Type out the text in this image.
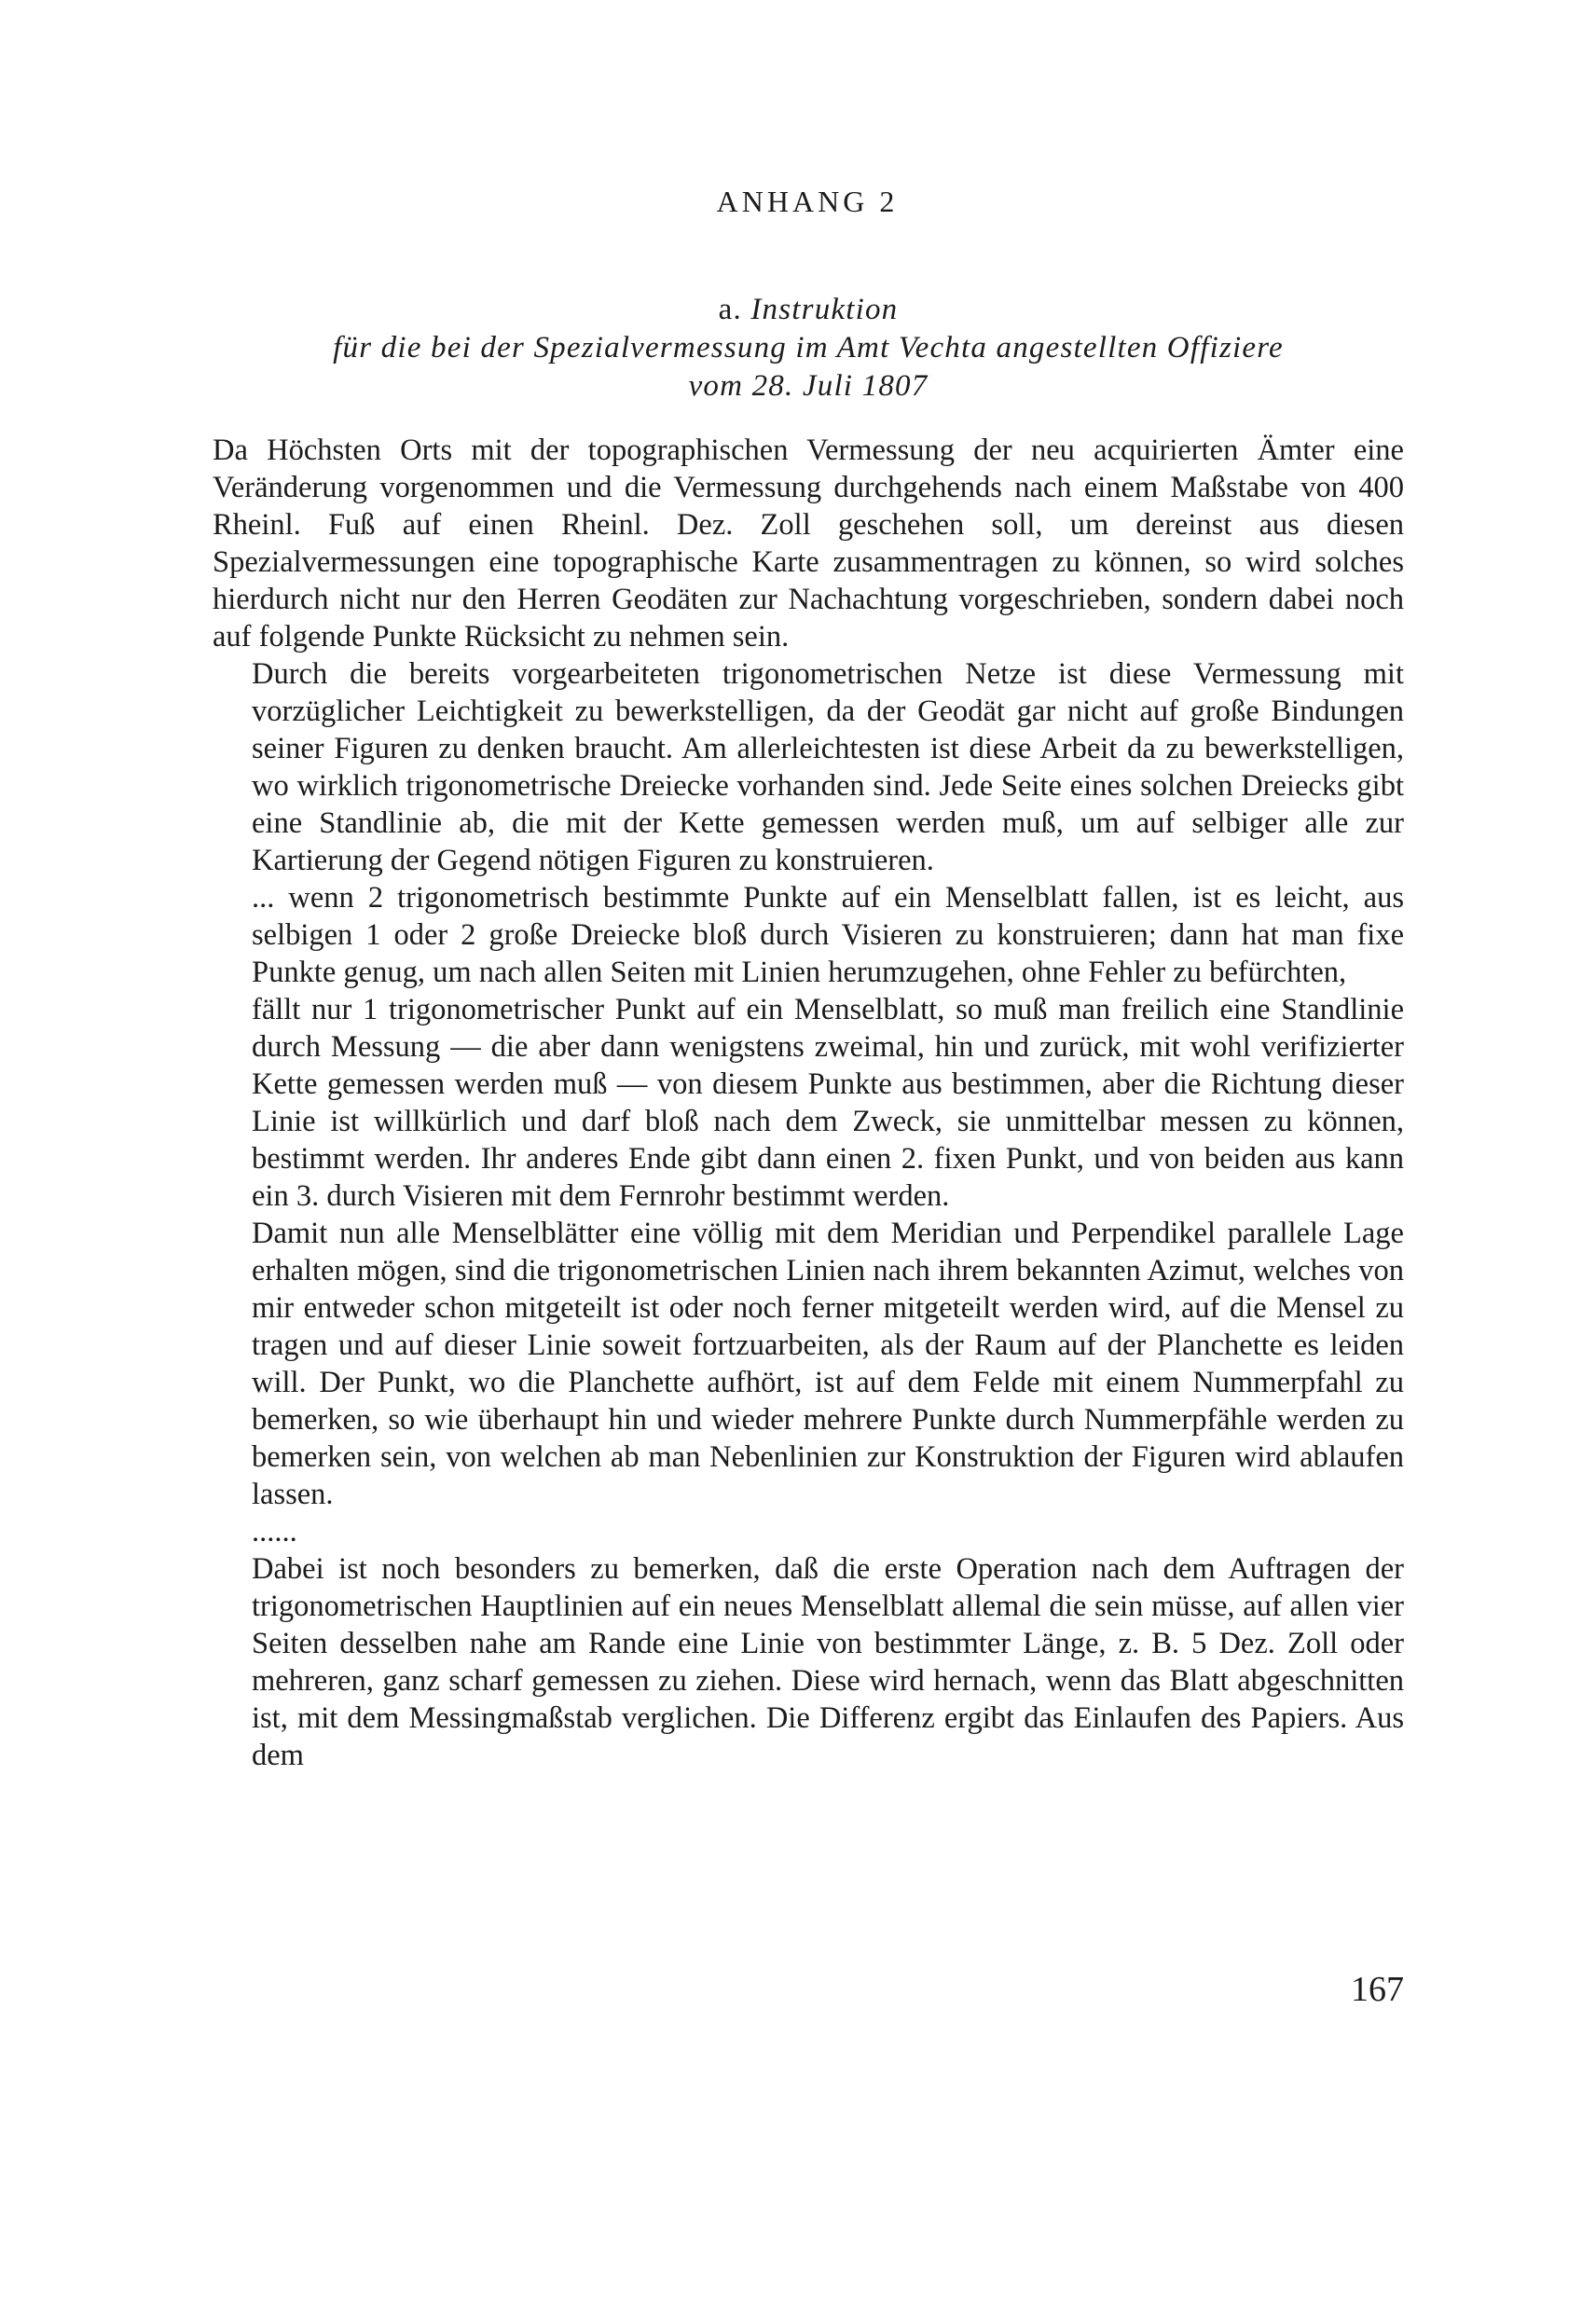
ANHANG 2
a. Instruktion
für die bei der Spezialvermessung im Amt Vechta angestellten Offiziere
vom 28. Juli 1807

Da Höchsten Orts mit der topographischen Vermessung der neu acquirierten Ämter eine Veränderung vorgenommen und die Vermessung durchgehends nach einem Maßstabe von 400 Rheinl. Fuß auf einen Rheinl. Dez. Zoll geschehen soll, um dereinst aus diesen Spezialvermessungen eine topographische Karte zusammentragen zu können, so wird solches hierdurch nicht nur den Herren Geodäten zur Nachachtung vorgeschrieben, sondern dabei noch auf folgende Punkte Rücksicht zu nehmen sein.

Durch die bereits vorgearbeiteten trigonometrischen Netze ist diese Vermessung mit vorzüglicher Leichtigkeit zu bewerkstelligen, da der Geodät gar nicht auf große Bindungen seiner Figuren zu denken braucht. Am allerleichtesten ist diese Arbeit da zu bewerkstelligen, wo wirklich trigonometrische Dreiecke vorhanden sind. Jede Seite eines solchen Dreiecks gibt eine Standlinie ab, die mit der Kette gemessen werden muß, um auf selbiger alle zur Kartierung der Gegend nötigen Figuren zu konstruieren.

... wenn 2 trigonometrisch bestimmte Punkte auf ein Menselblatt fallen, ist es leicht, aus selbigen 1 oder 2 große Dreiecke bloß durch Visieren zu konstruieren; dann hat man fixe Punkte genug, um nach allen Seiten mit Linien herumzugehen, ohne Fehler zu befürchten,

fällt nur 1 trigonometrischer Punkt auf ein Menselblatt, so muß man freilich eine Standlinie durch Messung — die aber dann wenigstens zweimal, hin und zurück, mit wohl verifizierter Kette gemessen werden muß — von diesem Punkte aus bestimmen, aber die Richtung dieser Linie ist willkürlich und darf bloß nach dem Zweck, sie unmittelbar messen zu können, bestimmt werden. Ihr anderes Ende gibt dann einen 2. fixen Punkt, und von beiden aus kann ein 3. durch Visieren mit dem Fernrohr bestimmt werden.

Damit nun alle Menselblätter eine völlig mit dem Meridian und Perpendikel parallele Lage erhalten mögen, sind die trigonometrischen Linien nach ihrem bekannten Azimut, welches von mir entweder schon mitgeteilt ist oder noch ferner mitgeteilt werden wird, auf die Mensel zu tragen und auf dieser Linie soweit fortzuarbeiten, als der Raum auf der Planchette es leiden will. Der Punkt, wo die Planchette aufhört, ist auf dem Felde mit einem Nummerpfahl zu bemerken, so wie überhaupt hin und wieder mehrere Punkte durch Nummerpfähle werden zu bemerken sein, von welchen ab man Nebenlinien zur Konstruktion der Figuren wird ablaufen lassen.

......

Dabei ist noch besonders zu bemerken, daß die erste Operation nach dem Auftragen der trigonometrischen Hauptlinien auf ein neues Menselblatt allemal die sein müsse, auf allen vier Seiten desselben nahe am Rande eine Linie von bestimmter Länge, z. B. 5 Dez. Zoll oder mehreren, ganz scharf gemessen zu ziehen. Diese wird hernach, wenn das Blatt abgeschnitten ist, mit dem Messingmaßstab verglichen. Die Differenz ergibt das Einlaufen des Papiers. Aus dem

167
